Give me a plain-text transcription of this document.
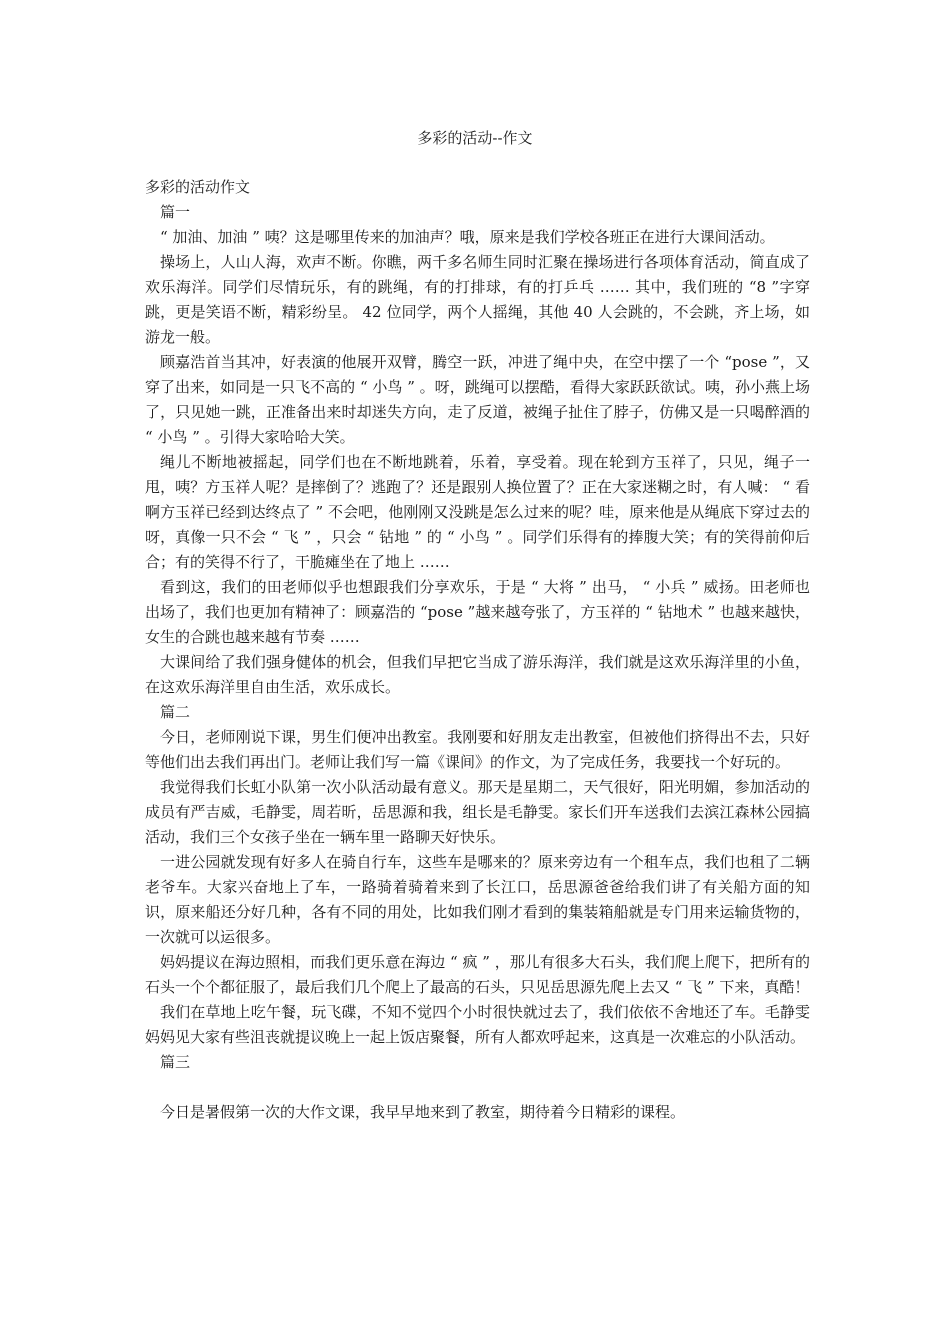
多彩的活动--作文

多彩的活动作文

篇一

“ 加油、加油 ” 咦？这是哪里传来的加油声？哦，原来是我们学校各班正在进行大课间活动。

操场上，人山人海，欢声不断。你瞧，两千多名师生同时汇聚在操场进行各项体育活动，简直成了欢乐海洋。同学们尽情玩乐，有的跳绳，有的打排球，有的打乒乓 …… 其中，我们班的 “8 ”字穿跳，更是笑语不断，精彩纷呈。 42 位同学，两个人摇绳，其他 40 人会跳的，不会跳，齐上场，如游龙一般。

顾嘉浩首当其冲，好表演的他展开双臂，腾空一跃，冲进了绳中央，在空中摆了一个 “pose ”，又穿了出来，如同是一只飞不高的 “ 小鸟 ” 。呀，跳绳可以摆酷，看得大家跃跃欲试。咦，孙小燕上场了，只见她一跳，正准备出来时却迷失方向，走了反道，被绳子扯住了脖子，仿佛又是一只喝醉酒的 “ 小鸟 ” 。引得大家哈哈大笑。

绳儿不断地被摇起，同学们也在不断地跳着，乐着，享受着。现在轮到方玉祥了，只见，绳子一甩，咦？方玉祥人呢？是摔倒了？逃跑了？还是跟别人换位置了？正在大家迷糊之时，有人喊： “ 看啊方玉祥已经到达终点了 ” 不会吧，他刚刚又没跳是怎么过来的呢？哇，原来他是从绳底下穿过去的呀，真像一只不会 “ 飞 ” ，只会 “ 钻地 ” 的 “ 小鸟 ” 。同学们乐得有的捧腹大笑；有的笑得前仰后合；有的笑得不行了，干脆瘫坐在了地上 ……

看到这，我们的田老师似乎也想跟我们分享欢乐，于是 “ 大将 ” 出马， “ 小兵 ” 威扬。田老师也出场了，我们也更加有精神了：顾嘉浩的 “pose ”越来越夸张了，方玉祥的 “ 钻地术 ” 也越来越快，女生的合跳也越来越有节奏 ……

大课间给了我们强身健体的机会，但我们早把它当成了游乐海洋，我们就是这欢乐海洋里的小鱼，在这欢乐海洋里自由生活，欢乐成长。

篇二

今日，老师刚说下课，男生们便冲出教室。我刚要和好朋友走出教室，但被他们挤得出不去，只好等他们出去我们再出门。老师让我们写一篇《课间》的作文，为了完成任务，我要找一个好玩的。

我觉得我们长虹小队第一次小队活动最有意义。那天是星期二，天气很好，阳光明媚，参加活动的成员有严吉威，毛静雯，周若昕，岳思源和我，组长是毛静雯。家长们开车送我们去滨江森林公园搞活动，我们三个女孩子坐在一辆车里一路聊天好快乐。

一进公园就发现有好多人在骑自行车，这些车是哪来的？原来旁边有一个租车点，我们也租了二辆老爷车。大家兴奋地上了车，一路骑着骑着来到了长江口，岳思源爸爸给我们讲了有关船方面的知识，原来船还分好几种，各有不同的用处，比如我们刚才看到的集装箱船就是专门用来运输货物的，一次就可以运很多。

妈妈提议在海边照相，而我们更乐意在海边 “ 疯 ” ，那儿有很多大石头，我们爬上爬下，把所有的石头一个个都征服了，最后我们几个爬上了最高的石头，只见岳思源先爬上去又 “ 飞 ” 下来，真酷！

我们在草地上吃午餐，玩飞碟，不知不觉四个小时很快就过去了，我们依依不舍地还了车。毛静雯妈妈见大家有些沮丧就提议晚上一起上饭店聚餐，所有人都欢呼起来，这真是一次难忘的小队活动。

篇三

今日是暑假第一次的大作文课，我早早地来到了教室，期待着今日精彩的课程。
